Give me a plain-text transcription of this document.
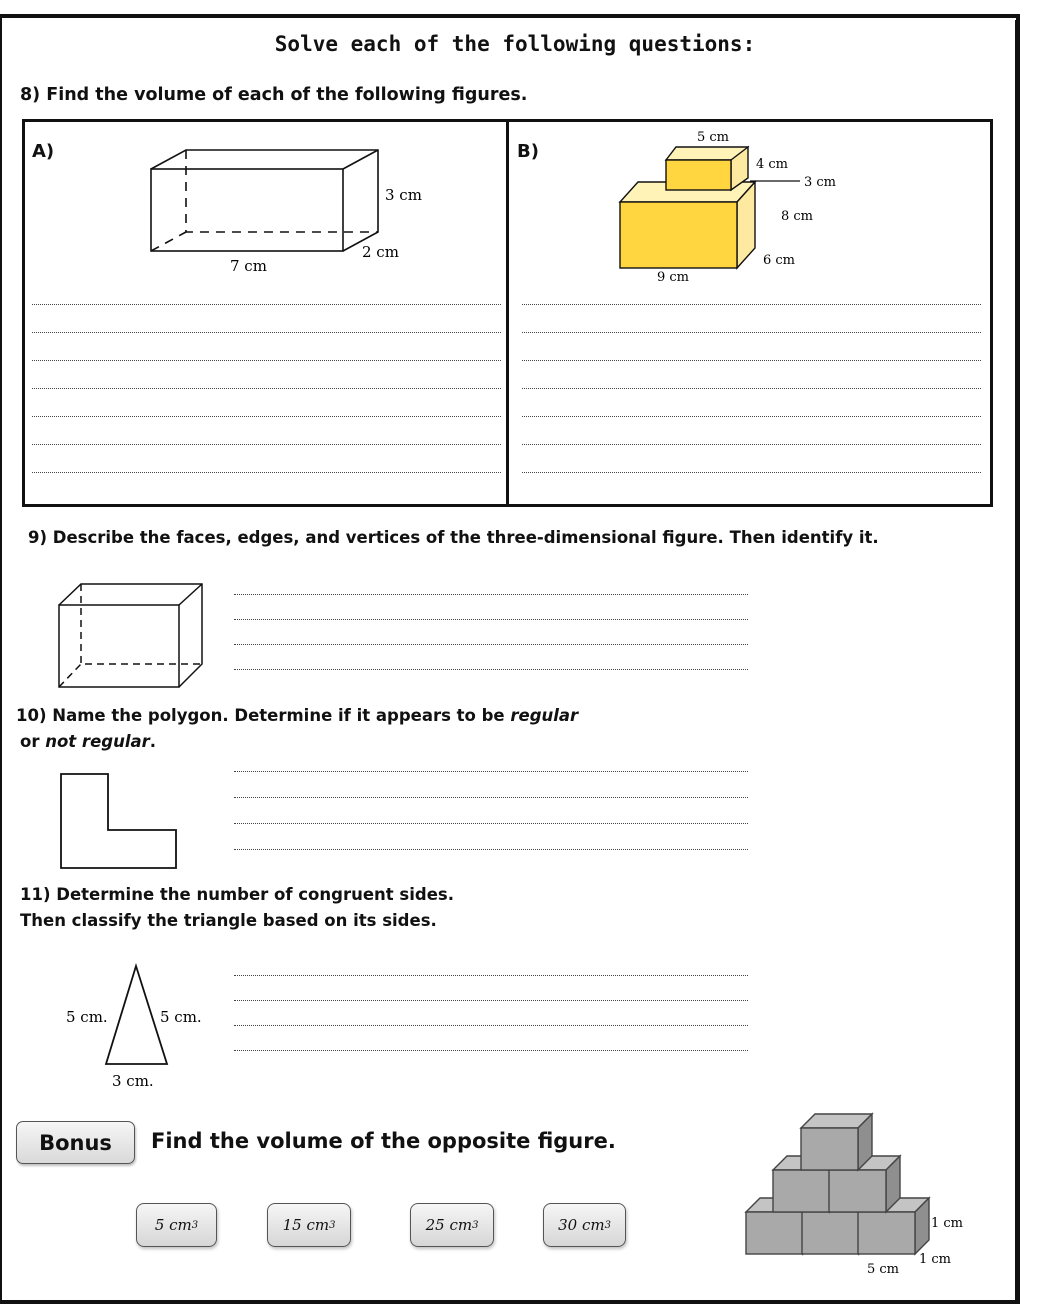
Solve each of the following questions:
8) Find the volume of each of the following figures.
A)	B)
3 cm
2 cm
7 cm
5 cm
4 cm
3 cm
8 cm
6 cm
9 cm
9) Describe the faces, edges, and vertices of the three-dimensional figure. Then identify it.
10) Name the polygon. Determine if it appears to be regular
or not regular.
11) Determine the number of congruent sides.
Then classify the triangle based on its sides.
5 cm.	5 cm.
3 cm.
Bonus	Find the volume of the opposite figure.
5
cm 3	15
cm 3	25
cm 3	30
cm 3	1 cm
1 cm
5 cm
